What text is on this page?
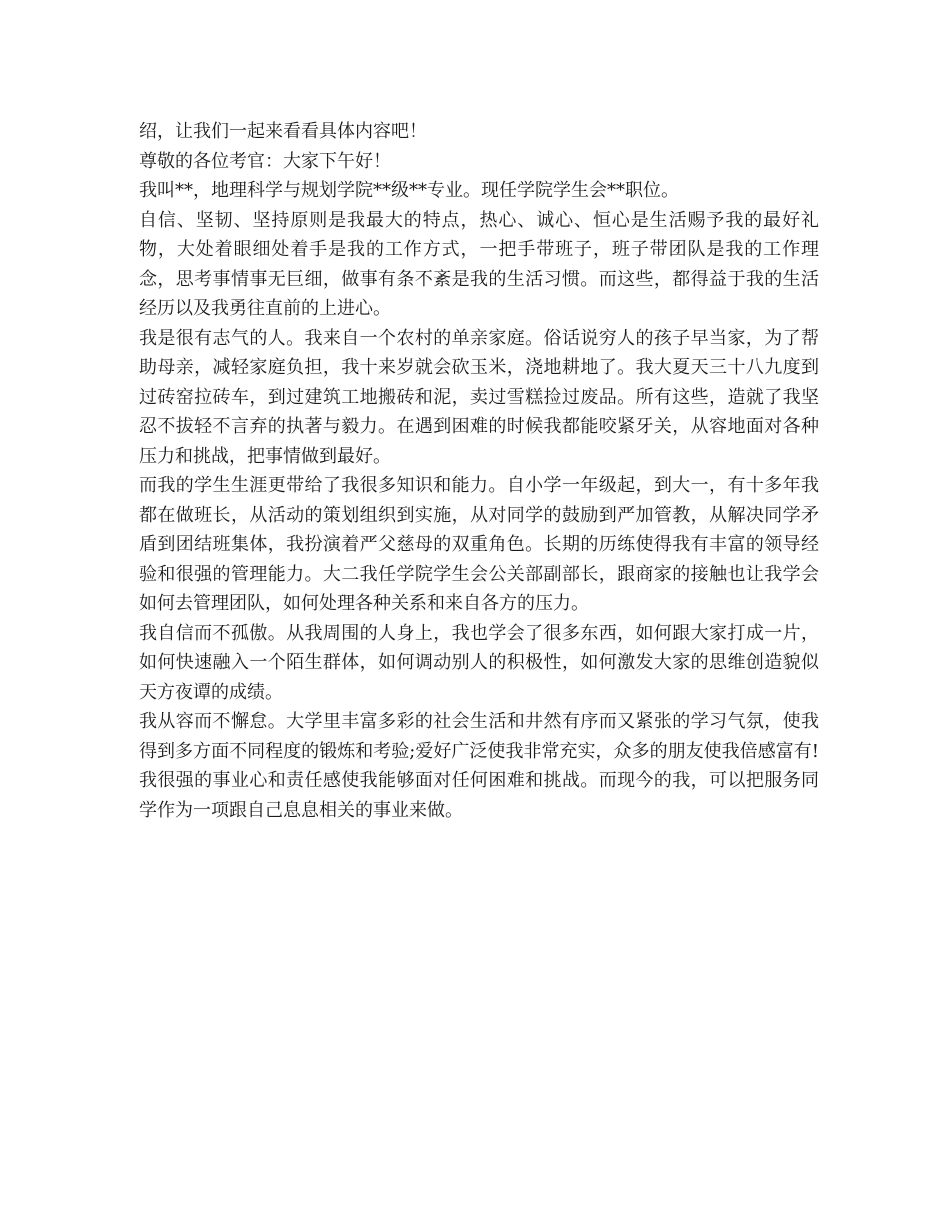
绍，让我们一起来看看具体内容吧！

尊敬的各位考官：大家下午好！

我叫**，地理科学与规划学院**级**专业。现任学院学生会**职位。

自信、坚韧、坚持原则是我最大的特点，热心、诚心、恒心是生活赐予我的最好礼物，大处着眼细处着手是我的工作方式，一把手带班子，班子带团队是我的工作理念，思考事情事无巨细，做事有条不紊是我的生活习惯。而这些，都得益于我的生活经历以及我勇往直前的上进心。

我是很有志气的人。我来自一个农村的单亲家庭。俗话说穷人的孩子早当家，为了帮助母亲，减轻家庭负担，我十来岁就会砍玉米，浇地耕地了。我大夏天三十八九度到过砖窑拉砖车，到过建筑工地搬砖和泥，卖过雪糕捡过废品。所有这些，造就了我坚忍不拔轻不言弃的执著与毅力。在遇到困难的时候我都能咬紧牙关，从容地面对各种压力和挑战，把事情做到最好。

而我的学生生涯更带给了我很多知识和能力。自小学一年级起，到大一，有十多年我都在做班长，从活动的策划组织到实施，从对同学的鼓励到严加管教，从解决同学矛盾到团结班集体，我扮演着严父慈母的双重角色。长期的历练使得我有丰富的领导经验和很强的管理能力。大二我任学院学生会公关部副部长，跟商家的接触也让我学会如何去管理团队，如何处理各种关系和来自各方的压力。

我自信而不孤傲。从我周围的人身上，我也学会了很多东西，如何跟大家打成一片，如何快速融入一个陌生群体，如何调动别人的积极性，如何激发大家的思维创造貌似天方夜谭的成绩。

我从容而不懈怠。大学里丰富多彩的社会生活和井然有序而又紧张的学习气氛，使我得到多方面不同程度的锻炼和考验;爱好广泛使我非常充实，众多的朋友使我倍感富有!我很强的事业心和责任感使我能够面对任何困难和挑战。而现今的我，可以把服务同学作为一项跟自己息息相关的事业来做。
